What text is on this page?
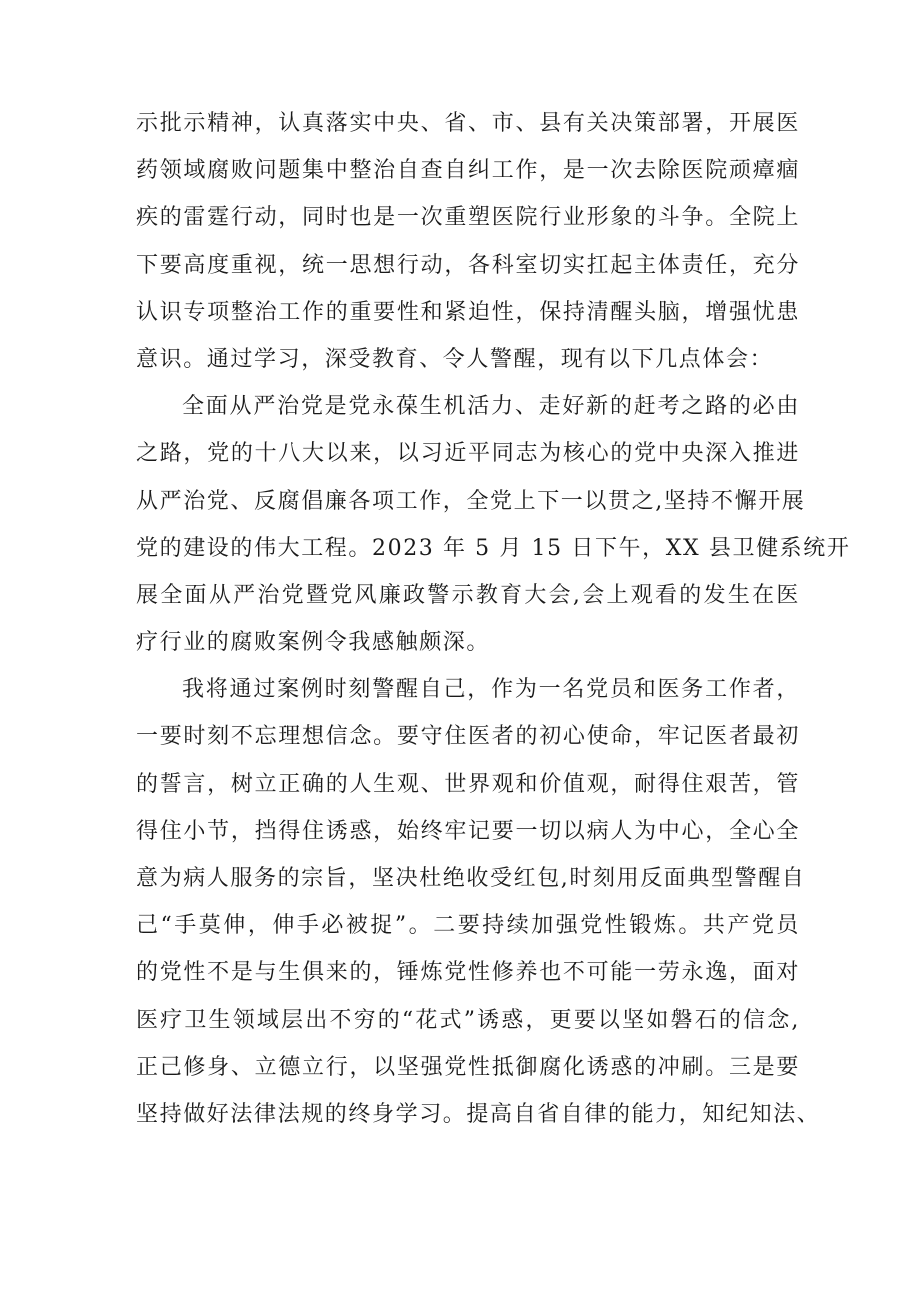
示批示精神，认真落实中央、省、市、县有关决策部署，开展医
药领域腐败问题集中整治自查自纠工作，是一次去除医院顽瘴痼
疾的雷霆行动，同时也是一次重塑医院行业形象的斗争。全院上
下要高度重视，统一思想行动，各科室切实扛起主体责任，充分
认识专项整治工作的重要性和紧迫性，保持清醒头脑，增强忧患
意识。通过学习，深受教育、令人警醒，现有以下几点体会：

全面从严治党是党永葆生机活力、走好新的赶考之路的必由
之路，党的十八大以来，以习近平同志为核心的党中央深入推进
从严治党、反腐倡廉各项工作，全党上下一以贯之,坚持不懈开展
党的建设的伟大工程。2023 年 5 月 15 日下午，XX 县卫健系统开
展全面从严治党暨党风廉政警示教育大会,会上观看的发生在医
疗行业的腐败案例令我感触颇深。

我将通过案例时刻警醒自己，作为一名党员和医务工作者，
一要时刻不忘理想信念。要守住医者的初心使命，牢记医者最初
的誓言，树立正确的人生观、世界观和价值观，耐得住艰苦，管
得住小节，挡得住诱惑，始终牢记要一切以病人为中心，全心全
意为病人服务的宗旨，坚决杜绝收受红包,时刻用反面典型警醒自
己“手莫伸，伸手必被捉”。二要持续加强党性锻炼。共产党员
的党性不是与生俱来的，锤炼党性修养也不可能一劳永逸，面对
医疗卫生领域层出不穷的“花式”诱惑，更要以坚如磐石的信念,
正己修身、立德立行，以坚强党性抵御腐化诱惑的冲刷。三是要
坚持做好法律法规的终身学习。提高自省自律的能力，知纪知法、
